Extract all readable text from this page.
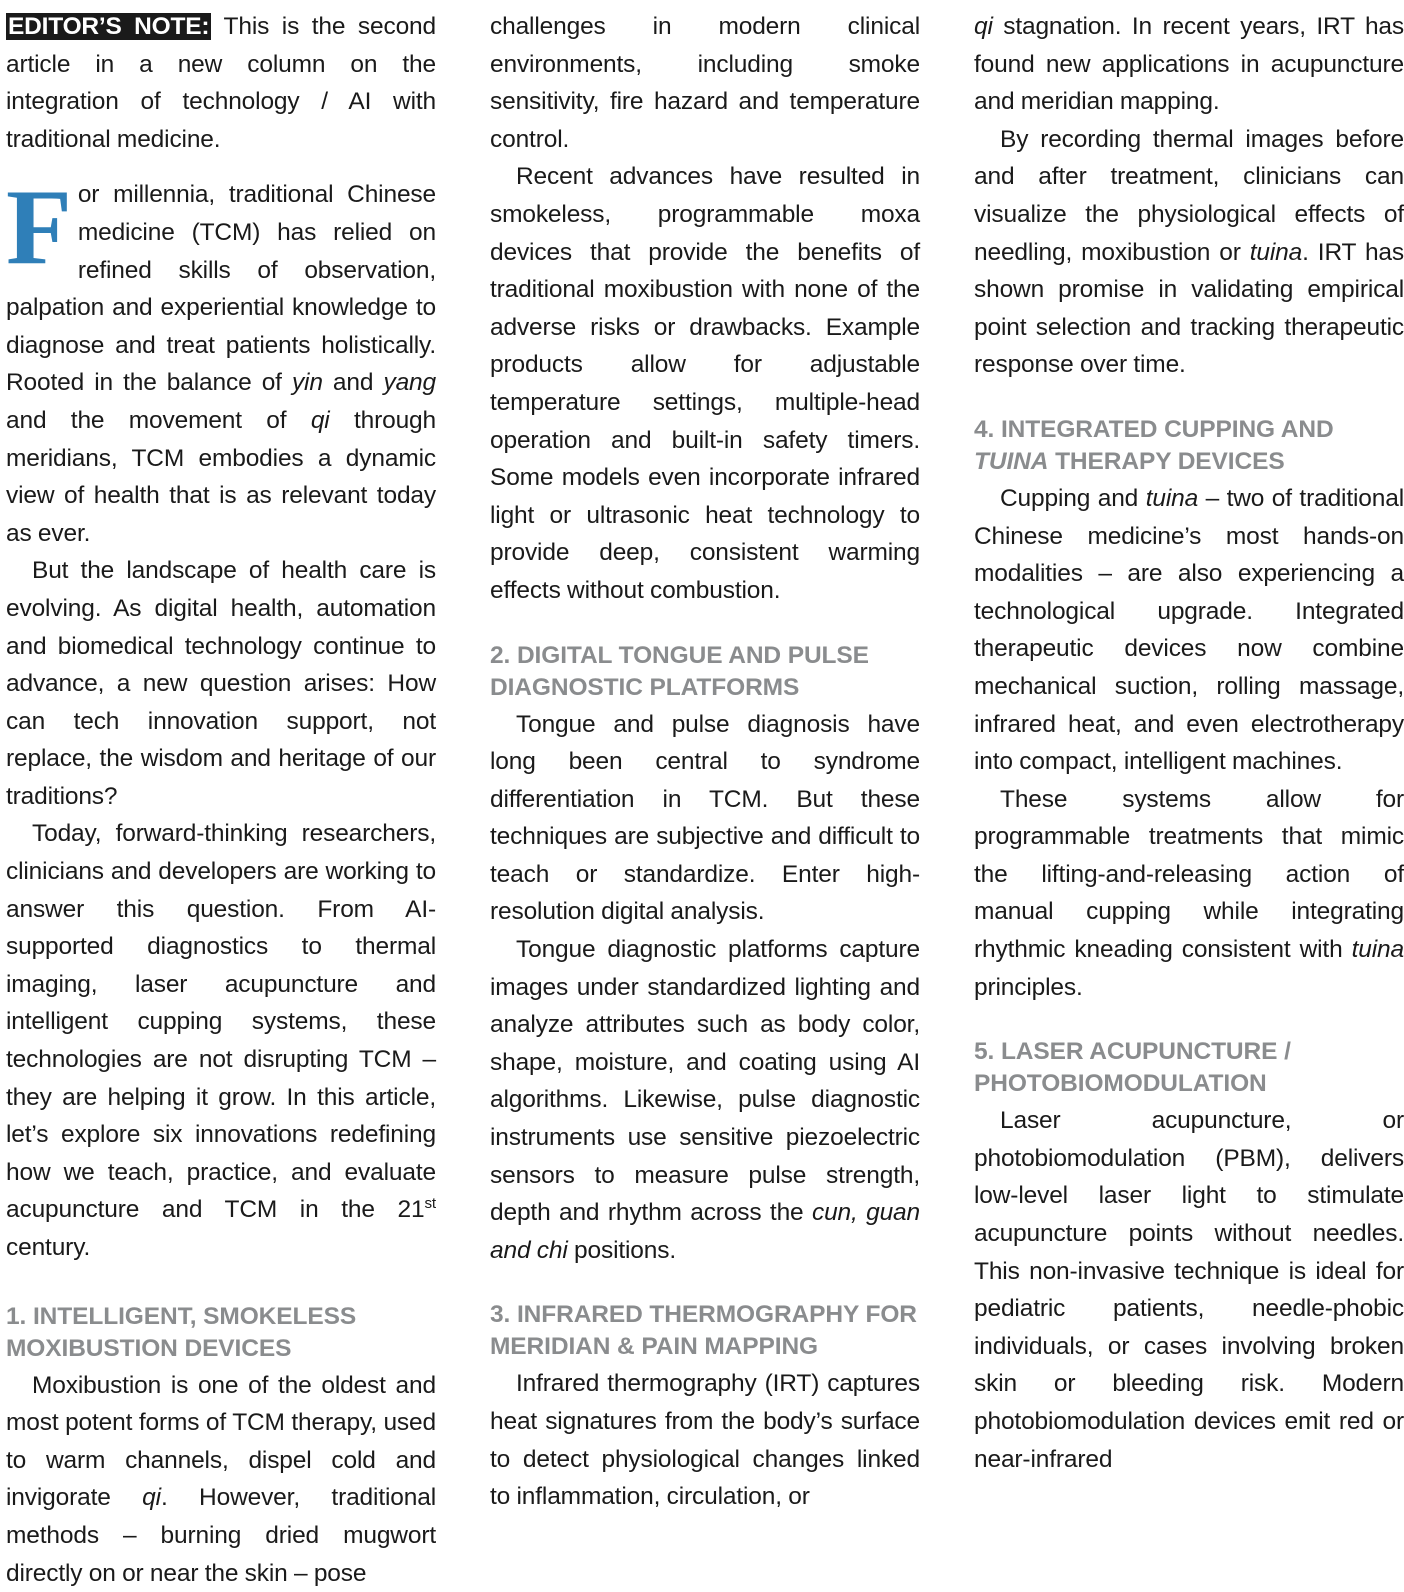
EDITOR’S NOTE: This is the second article in a new column on the integration of technology / AI with traditional medicine.

For millennia, traditional Chinese medicine (TCM) has relied on refined skills of observation, palpation and experiential knowledge to diagnose and treat patients holistically. Rooted in the balance of yin and yang and the movement of qi through meridians, TCM embodies a dynamic view of health that is as relevant today as ever.

But the landscape of health care is evolving. As digital health, automation and biomedical technology continue to advance, a new question arises: How can tech innovation support, not replace, the wisdom and heritage of our traditions?

Today, forward-thinking researchers, clinicians and developers are working to answer this question. From AI-supported diagnostics to thermal imaging, laser acupuncture and intelligent cupping systems, these technologies are not disrupting TCM – they are helping it grow. In this article, let’s explore six innovations redefining how we teach, practice, and evaluate acupuncture and TCM in the 21st century.

1. INTELLIGENT, SMOKELESS MOXIBUSTION DEVICES

Moxibustion is one of the oldest and most potent forms of TCM therapy, used to warm channels, dispel cold and invigorate qi. However, traditional methods – burning dried mugwort directly on or near the skin – pose

challenges in modern clinical environments, including smoke sensitivity, fire hazard and temperature control.

Recent advances have resulted in smokeless, programmable moxa devices that provide the benefits of traditional moxibustion with none of the adverse risks or drawbacks. Example products allow for adjustable temperature settings, multiple-head operation and built-in safety timers. Some models even incorporate infrared light or ultrasonic heat technology to provide deep, consistent warming effects without combustion.

2. DIGITAL TONGUE AND PULSE DIAGNOSTIC PLATFORMS

Tongue and pulse diagnosis have long been central to syndrome differentiation in TCM. But these techniques are subjective and difficult to teach or standardize. Enter high-resolution digital analysis.

Tongue diagnostic platforms capture images under standardized lighting and analyze attributes such as body color, shape, moisture, and coating using AI algorithms. Likewise, pulse diagnostic instruments use sensitive piezoelectric sensors to measure pulse strength, depth and rhythm across the cun, guan and chi positions.

3. INFRARED THERMOGRAPHY FOR MERIDIAN & PAIN MAPPING

Infrared thermography (IRT) captures heat signatures from the body’s surface to detect physiological changes linked to inflammation, circulation, or

qi stagnation. In recent years, IRT has found new applications in acupuncture and meridian mapping.

By recording thermal images before and after treatment, clinicians can visualize the physiological effects of needling, moxibustion or tuina. IRT has shown promise in validating empirical point selection and tracking therapeutic response over time.

4. INTEGRATED CUPPING AND TUINA THERAPY DEVICES

Cupping and tuina – two of traditional Chinese medicine’s most hands-on modalities – are also experiencing a technological upgrade. Integrated therapeutic devices now combine mechanical suction, rolling massage, infrared heat, and even electrotherapy into compact, intelligent machines.

These systems allow for programmable treatments that mimic the lifting-and-releasing action of manual cupping while integrating rhythmic kneading consistent with tuina principles.

5. LASER ACUPUNCTURE / PHOTOBIOMODULATION

Laser acupuncture, or photobiomodulation (PBM), delivers low-level laser light to stimulate acupuncture points without needles. This non-invasive technique is ideal for pediatric patients, needle-phobic individuals, or cases involving broken skin or bleeding risk. Modern photobiomodulation devices emit red or near-infrared
